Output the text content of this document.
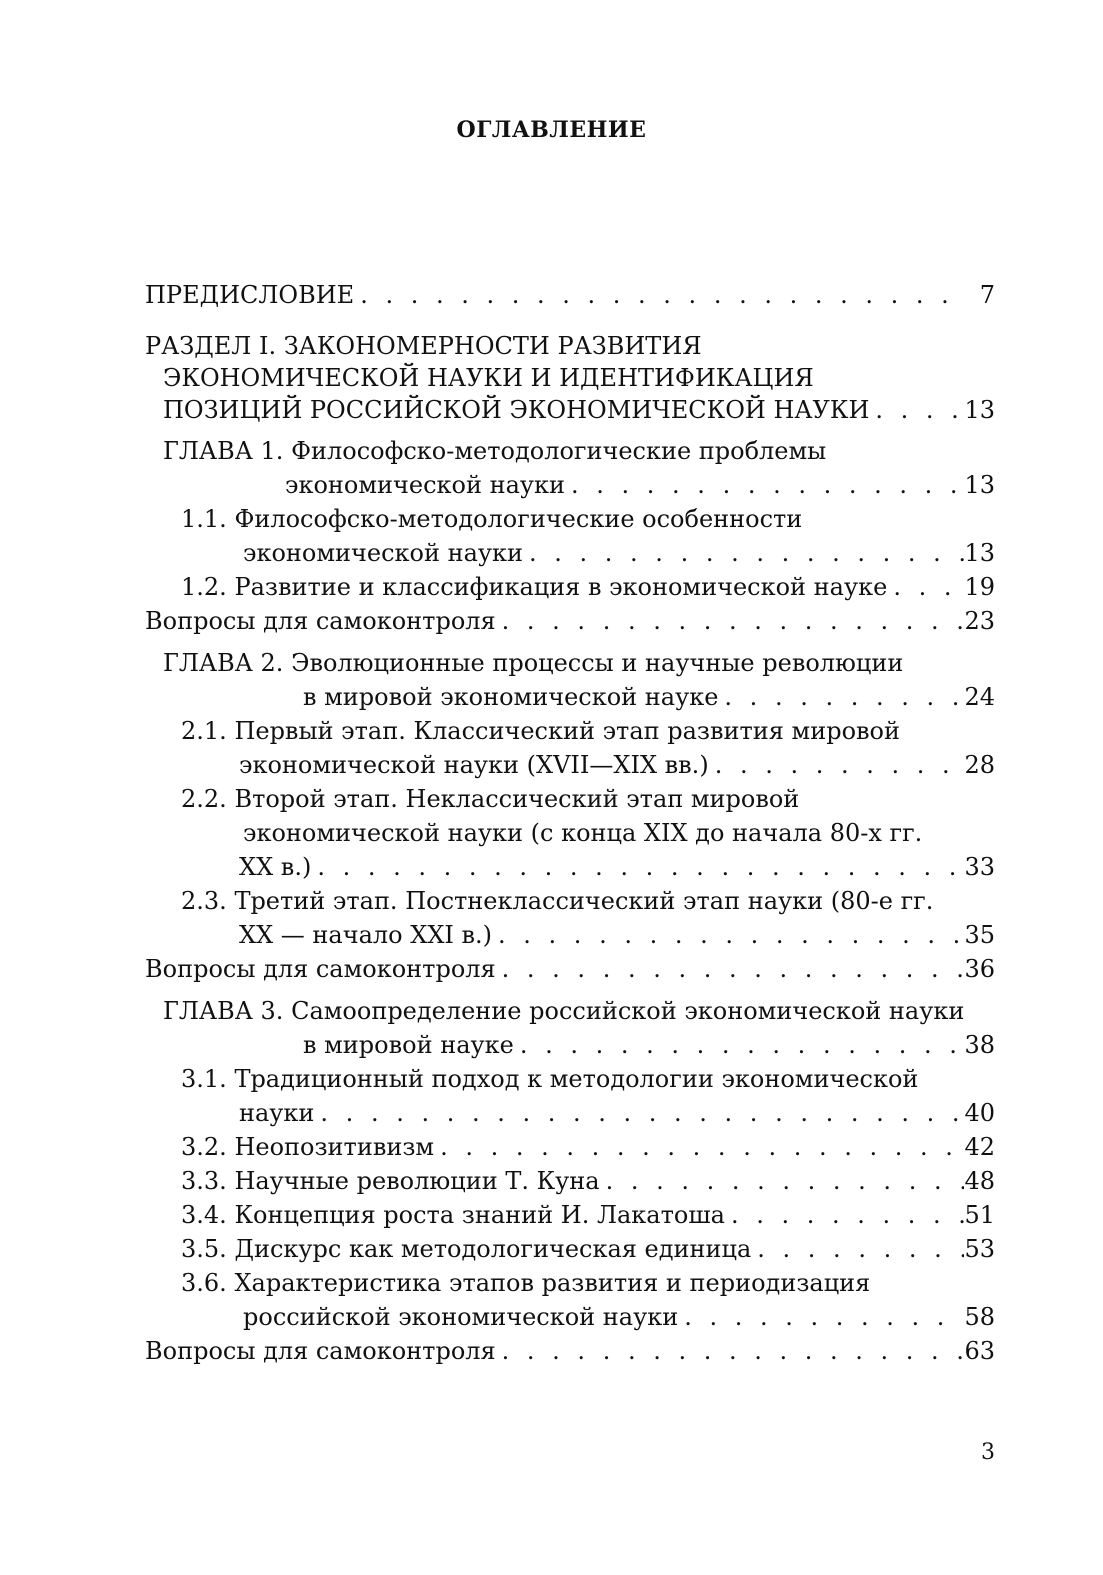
ОГЛАВЛЕНИЕ
ПРЕДИСЛОВИЕ . . .	7
РАЗДЕЛ I. ЗАКОНОМЕРНОСТИ РАЗВИТИЯ
ЭКОНОМИЧЕСКОЙ НАУКИ И ИДЕНТИФИКАЦИЯ
ПОЗИЦИЙ РОССИЙСКОЙ ЭКОНОМИЧЕСКОЙ НАУКИ . . .	13
ГЛАВА 1.
Философско-методологические проблемы
экономической науки . . .	13
1.1.
Философско-методологические особенности
экономической науки . . .	13
1.2.
Развитие и классификация в экономической науке . . .	19
Вопросы для самоконтроля . . .	23
ГЛАВА 2.
Эволюционные процессы и научные революции
в мировой экономической науке . . .	24
2.1.
Первый этап. Классический этап развития мировой
экономической науки (XVII—XIX вв.) . . .	28
2.2.
Второй этап. Неклассический этап мировой
экономической науки (с конца XIX до начала 80-х гг.
XX в.) . . .	33
2.3.
Третий этап. Постнеклассический этап науки (80-е гг.
XX — начало XXI в.) . . .	35
Вопросы для самоконтроля . . .	36
ГЛАВА 3.
Самоопределение российской экономической науки
в мировой науке . . .	38
3.1.
Традиционный подход к методологии экономической
науки . . .	40
3.2.
Неопозитивизм . . .	42
3.3.
Научные революции Т. Куна . . .	48
3.4.
Концепция роста знаний И. Лакатоша . . .	51
3.5.
Дискурс как методологическая единица . . .	53
3.6.
Характеристика этапов развития и периодизация
российской экономической науки . . .	58
Вопросы для самоконтроля . . .	63
3
